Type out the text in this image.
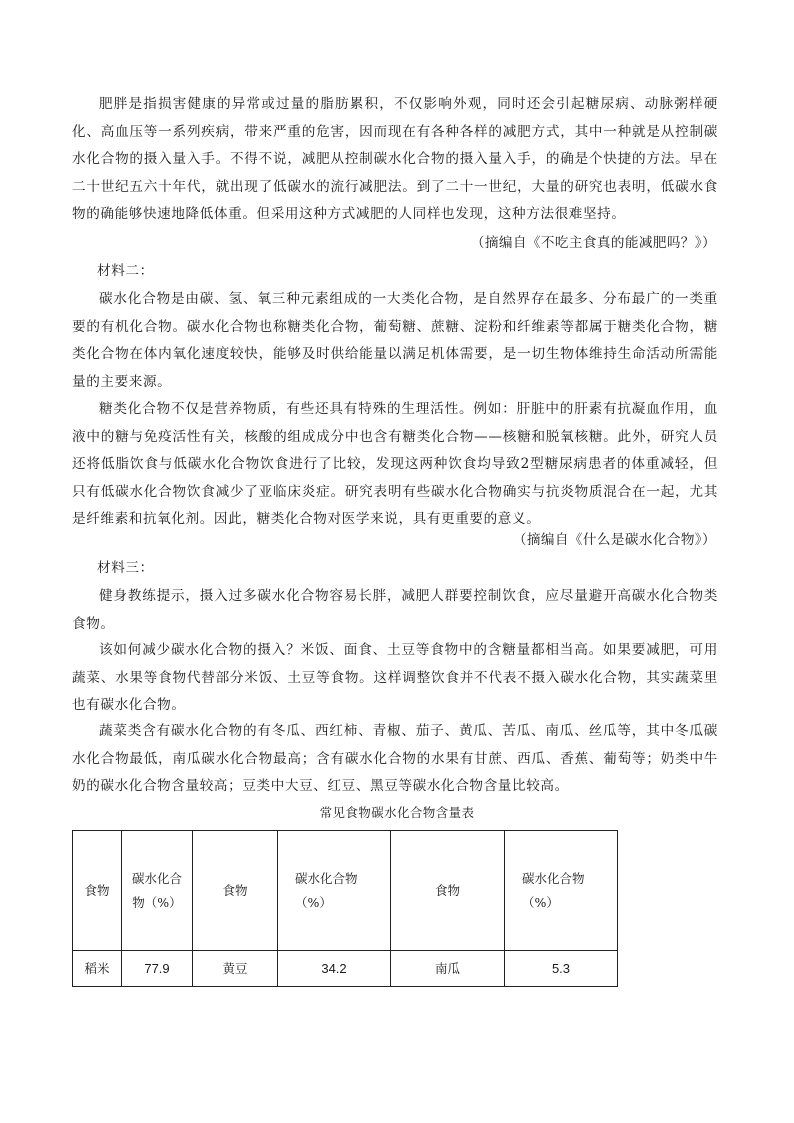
肥胖是指损害健康的异常或过量的脂肪累积，不仅影响外观，同时还会引起糖尿病、动脉粥样硬化、高血压等一系列疾病，带来严重的危害，因而现在有各种各样的减肥方式，其中一种就是从控制碳水化合物的摄入量入手。不得不说，减肥从控制碳水化合物的摄入量入手，的确是个快捷的方法。早在二十世纪五六十年代，就出现了低碳水的流行减肥法。到了二十一世纪，大量的研究也表明，低碳水食物的确能够快速地降低体重。但采用这种方式减肥的人同样也发现，这种方法很难坚持。

（摘编自《不吃主食真的能减肥吗？》）

材料二：

碳水化合物是由碳、氢、氧三种元素组成的一大类化合物，是自然界存在最多、分布最广的一类重要的有机化合物。碳水化合物也称糖类化合物，葡萄糖、蔗糖、淀粉和纤维素等都属于糖类化合物，糖类化合物在体内氧化速度较快，能够及时供给能量以满足机体需要，是一切生物体维持生命活动所需能量的主要来源。

糖类化合物不仅是营养物质，有些还具有特殊的生理活性。例如：肝脏中的肝素有抗凝血作用，血液中的糖与免疫活性有关，核酸的组成成分中也含有糖类化合物——核糖和脱氧核糖。此外，研究人员还将低脂饮食与低碳水化合物饮食进行了比较，发现这两种饮食均导致2型糖尿病患者的体重减轻，但只有低碳水化合物饮食减少了亚临床炎症。研究表明有些碳水化合物确实与抗炎物质混合在一起，尤其是纤维素和抗氧化剂。因此，糖类化合物对医学来说，具有更重要的意义。

（摘编自《什么是碳水化合物》）

材料三：

健身教练提示，摄入过多碳水化合物容易长胖，减肥人群要控制饮食，应尽量避开高碳水化合物类食物。

该如何减少碳水化合物的摄入？米饭、面食、土豆等食物中的含糖量都相当高。如果要减肥，可用蔬菜、水果等食物代替部分米饭、土豆等食物。这样调整饮食并不代表不摄入碳水化合物，其实蔬菜里也有碳水化合物。

蔬菜类含有碳水化合物的有冬瓜、西红柿、青椒、茄子、黄瓜、苦瓜、南瓜、丝瓜等，其中冬瓜碳水化合物最低，南瓜碳水化合物最高；含有碳水化合物的水果有甘蔗、西瓜、香蕉、葡萄等；奶类中牛奶的碳水化合物含量较高；豆类中大豆、红豆、黑豆等碳水化合物含量比较高。

常见食物碳水化合物含量表
食物	碳水化合物（%）	食物	碳水化合物（%）	食物	碳水化合物（%）
稻米	77.9	黄豆	34.2	南瓜	5.3
